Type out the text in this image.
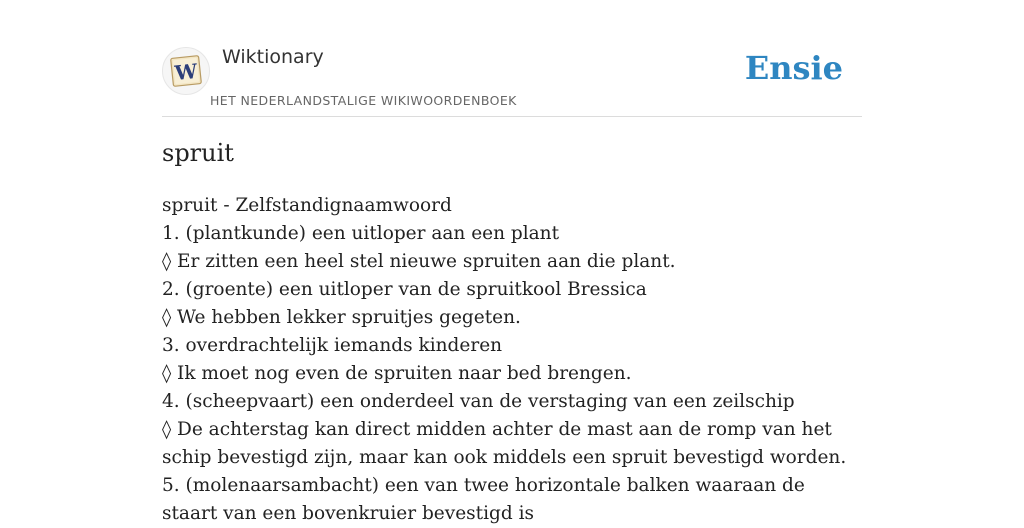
W
Wiktionary
HET NEDERLANDSTALIGE WIKIWOORDENBOEK
Ensie
spruit
spruit - Zelfstandignaamwoord
1. (plantkunde) een uitloper aan een plant
◊ Er zitten een heel stel nieuwe spruiten aan die plant.
2. (groente) een uitloper van de spruitkool Bressica
◊ We hebben lekker spruitjes gegeten.
3. overdrachtelijk iemands kinderen
◊ Ik moet nog even de spruiten naar bed brengen.
4. (scheepvaart) een onderdeel van de verstaging van een zeilschip
◊ De achterstag kan direct midden achter de mast aan de romp van het schip bevestigd zijn, maar kan ook middels een spruit bevestigd worden.
5. (molenaarsambacht) een van twee horizontale balken waaraan de staart van een bovenkruier bevestigd is
